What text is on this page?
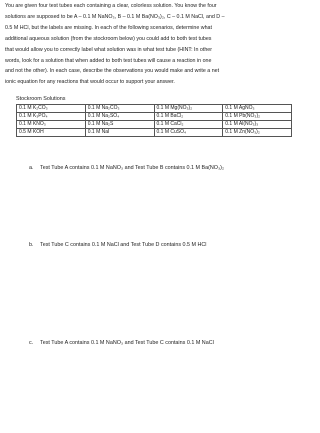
You are given four test tubes each containing a clear, colorless solution. You know the four

solutions are supposed to be A – 0.1 M NaNO₃, B – 0.1 M Ba(NO₃)₂, C – 0.1 M NaCl, and D –

0.5 M HCl, but the labels are missing. In each of the following scenarios, determine what

additional aqueous solution (from the stockroom below) you could add to both test tubes

that would allow you to correctly label what solution was in what test tube (HINT: In other

words, look for a solution that when added to both test tubes will cause a reaction in one

and not the other). In each case, describe the observations you would make and write a net

ionic equation for any reactions that would occur to support your answer.

Stockroom Solutions
0.1 M K₂CO₃	0.1 M Na₂CO₃	0.1 M Mg(NO₃)₂	0.1 M AgNO₃
0.1 M K₃PO₄	0.1 M Na₂SO₄	0.1 M BaCl₂	0.1 M Pb(NO₃)₂
0.1 M KNO₃	0.1 M Na₂S	0.1 M CaCl₂	0.1 M Al(NO₃)₃
0.5 M KOH	0.1 M NaI	0.1 M CuSO₄	0.1 M Zn(NO₃)₂
a. Test Tube A contains 0.1 M NaNO₃ and Test Tube B contains 0.1 M Ba(NO₃)₂
b. Test Tube C contains 0.1 M NaCl and Test Tube D contains 0.5 M HCl
c. Test Tube A contains 0.1 M NaNO₃ and Test Tube C contains 0.1 M NaCl
